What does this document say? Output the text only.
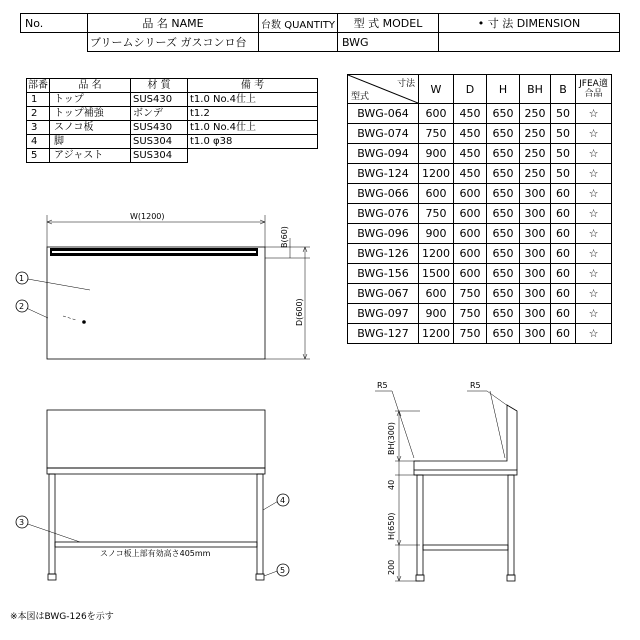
No.	品 名 NAME	台数 QUANTITY	型 式 MODEL	• 寸 法 DIMENSION
	ブリームシリーズ ガスコンロ台		BWG	
部番	品 名	材 質	備 考
1	トップ	SUS430	t1.0 No.4仕上
2	トップ補強	ボンデ	t1.2
3	スノコ板	SUS430	t1.0 No.4仕上
4	脚	SUS304	t1.0 φ38
5	アジャスト	SUS304	
寸法
型式	W	D	H	BH	B	JFEA適合品
BWG-064	600	450	650	250	50	☆
BWG-074	750	450	650	250	50	☆
BWG-094	900	450	650	250	50	☆
BWG-124	1200	450	650	250	50	☆
BWG-066	600	600	650	300	60	☆
BWG-076	750	600	650	300	60	☆
BWG-096	900	600	650	300	60	☆
BWG-126	1200	600	650	300	60	☆
BWG-156	1500	600	650	300	60	☆
BWG-067	600	750	650	300	60	☆
BWG-097	900	750	650	300	60	☆
BWG-127	1200	750	650	300	60	☆
W(1200)
B(60)
D(600)
1
2
3
4
5
スノコ板上部有効高さ405mm
R5	R5
BH(300)
40
H(650)
200
※本図はBWG-126を示す
